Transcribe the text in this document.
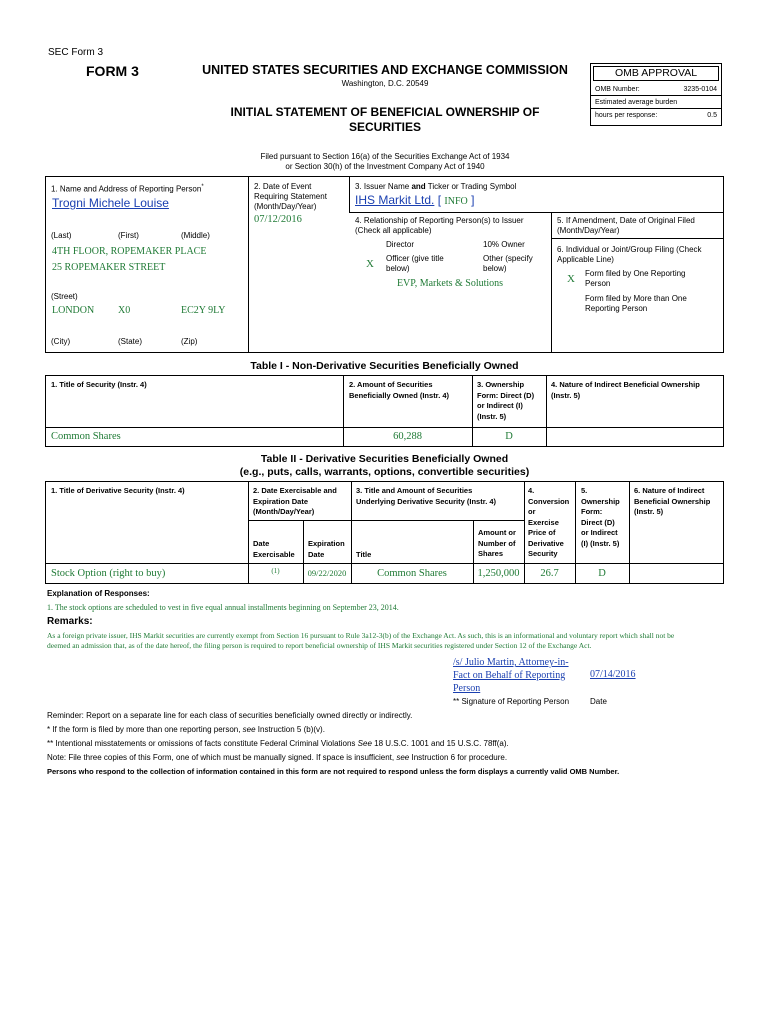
SEC Form 3
FORM 3	UNITED STATES SECURITIES AND EXCHANGE COMMISSION
Washington, D.C. 20549
INITIAL STATEMENT OF BENEFICIAL OWNERSHIP OF
SECURITIES
OMB APPROVAL
OMB Number:	3235-0104
Estimated average burden
hours per response:	0.5
Filed pursuant to Section 16(a) of the Securities Exchange Act of 1934
or Section 30(h) of the Investment Company Act of 1940
1. Name and Address of Reporting Person*
Trogni Michele Louise
(Last)	(First)	(Middle)
4TH FLOOR, ROPEMAKER PLACE
25 ROPEMAKER STREET
(Street)
LONDON X0	EC2Y 9LY
(City)	(State)	(Zip)
2. Date of Event
Requiring Statement
(Month/Day/Year)
07/12/2016
3. Issuer Name and Ticker or Trading Symbol
IHS Markit Ltd. [ INFO ]
4. Relationship of Reporting Person(s) to Issuer
(Check all applicable)
Director	10% Owner
X Officer (give title
below)
Other (specify
below)
EVP, Markets & Solutions
5. If Amendment, Date of Original Filed
(Month/Day/Year)
6. Individual or Joint/Group Filing (Check
Applicable Line)
X Form filed by One Reporting
Person
Form filed by More than One
Reporting Person
Table I - Non-Derivative Securities Beneficially Owned
1. Title of Security (Instr. 4)	2. Amount of Securities
Beneficially Owned (Instr. 4)
3. Ownership
Form: Direct (D)
or Indirect (I)
(Instr. 5)
4. Nature of Indirect Beneficial Ownership
(Instr. 5)
Common Shares	60,288	D
Table II - Derivative Securities Beneficially Owned
(e.g., puts, calls, warrants, options, convertible securities)
1. Title of Derivative Security (Instr. 4)	2. Date Exercisable and
Expiration Date
(Month/Day/Year)
3. Title and Amount of Securities
Underlying Derivative Security (Instr. 4)
4.
Conversion
or
Exercise
Price of
Derivative
Security
5.
Ownership
Form:
Direct (D)
or Indirect
(I) (Instr. 5)
6. Nature of Indirect
Beneficial Ownership
(Instr. 5)
Date
Exercisable
Expiration
Date	Title
Amount or
Number of
Shares
Stock Option (right to buy)	(1)	09/22/2020	Common Shares	1,250,000	26.7	D
Explanation of Responses:
1. The stock options are scheduled to vest in five equal annual installments beginning on September 23, 2014.
Remarks:
As a foreign private issuer, IHS Markit securities are currently exempt from Section 16 pursuant to Rule 3a12-3(b) of the Exchange Act. As such, this is an informational and voluntary report which shall not be
deemed an admission that, as of the date hereof, the filing person is required to report beneficial ownership of IHS Markit securities registered under Section 12 of the Exchange Act.
/s/ Julio Martin, Attorney-in-
Fact on Behalf of Reporting
Person
07/14/2016
** Signature of Reporting Person	Date
Reminder: Report on a separate line for each class of securities beneficially owned directly or indirectly.
* If the form is filed by more than one reporting person, see Instruction 5 (b)(v).
** Intentional misstatements or omissions of facts constitute Federal Criminal Violations See 18 U.S.C. 1001 and 15 U.S.C. 78ff(a).
Note: File three copies of this Form, one of which must be manually signed. If space is insufficient, see Instruction 6 for procedure.
Persons who respond to the collection of information contained in this form are not required to respond unless the form displays a currently valid OMB Number.
